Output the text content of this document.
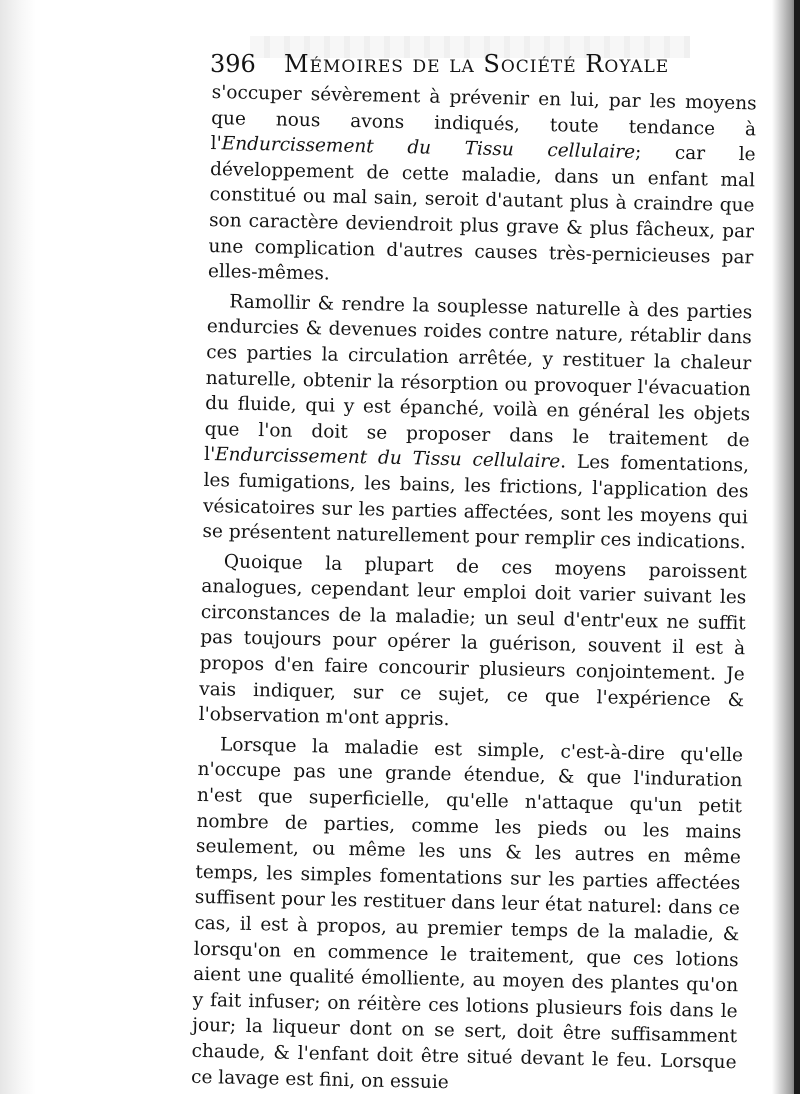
396 Mémoires de la Société Royale

s'occuper sévèrement à prévenir en lui, par les moyens que nous avons indiqués, toute tendance à l'Endurcissement du Tissu cellulaire; car le développement de cette maladie, dans un enfant mal constitué ou mal sain, seroit d'autant plus à craindre que son caractère deviendroit plus grave & plus fâcheux, par une complication d'autres causes très-pernicieuses par elles-mêmes.

Ramollir & rendre la souplesse naturelle à des parties endurcies & devenues roides contre nature, rétablir dans ces parties la circulation arrêtée, y restituer la chaleur naturelle, obtenir la résorption ou provoquer l'évacuation du fluide, qui y est épanché, voilà en général les objets que l'on doit se proposer dans le traitement de l'Endurcissement du Tissu cellulaire. Les fomentations, les fumigations, les bains, les frictions, l'application des vésicatoires sur les parties affectées, sont les moyens qui se présentent naturellement pour remplir ces indications.

Quoique la plupart de ces moyens paroissent analogues, cependant leur emploi doit varier suivant les circonstances de la maladie; un seul d'entr'eux ne suffit pas toujours pour opérer la guérison, souvent il est à propos d'en faire concourir plusieurs conjointement. Je vais indiquer, sur ce sujet, ce que l'expérience & l'observation m'ont appris.

Lorsque la maladie est simple, c'est-à-dire qu'elle n'occupe pas une grande étendue, & que l'induration n'est que superficielle, qu'elle n'attaque qu'un petit nombre de parties, comme les pieds ou les mains seulement, ou même les uns & les autres en même temps, les simples fomentations sur les parties affectées suffisent pour les restituer dans leur état naturel: dans ce cas, il est à propos, au premier temps de la maladie, & lorsqu'on en commence le traitement, que ces lotions aient une qualité émolliente, au moyen des plantes qu'on y fait infuser; on réitère ces lotions plusieurs fois dans le jour; la liqueur dont on se sert, doit être suffisamment chaude, & l'enfant doit être situé devant le feu. Lorsque ce lavage est fini, on essuie
